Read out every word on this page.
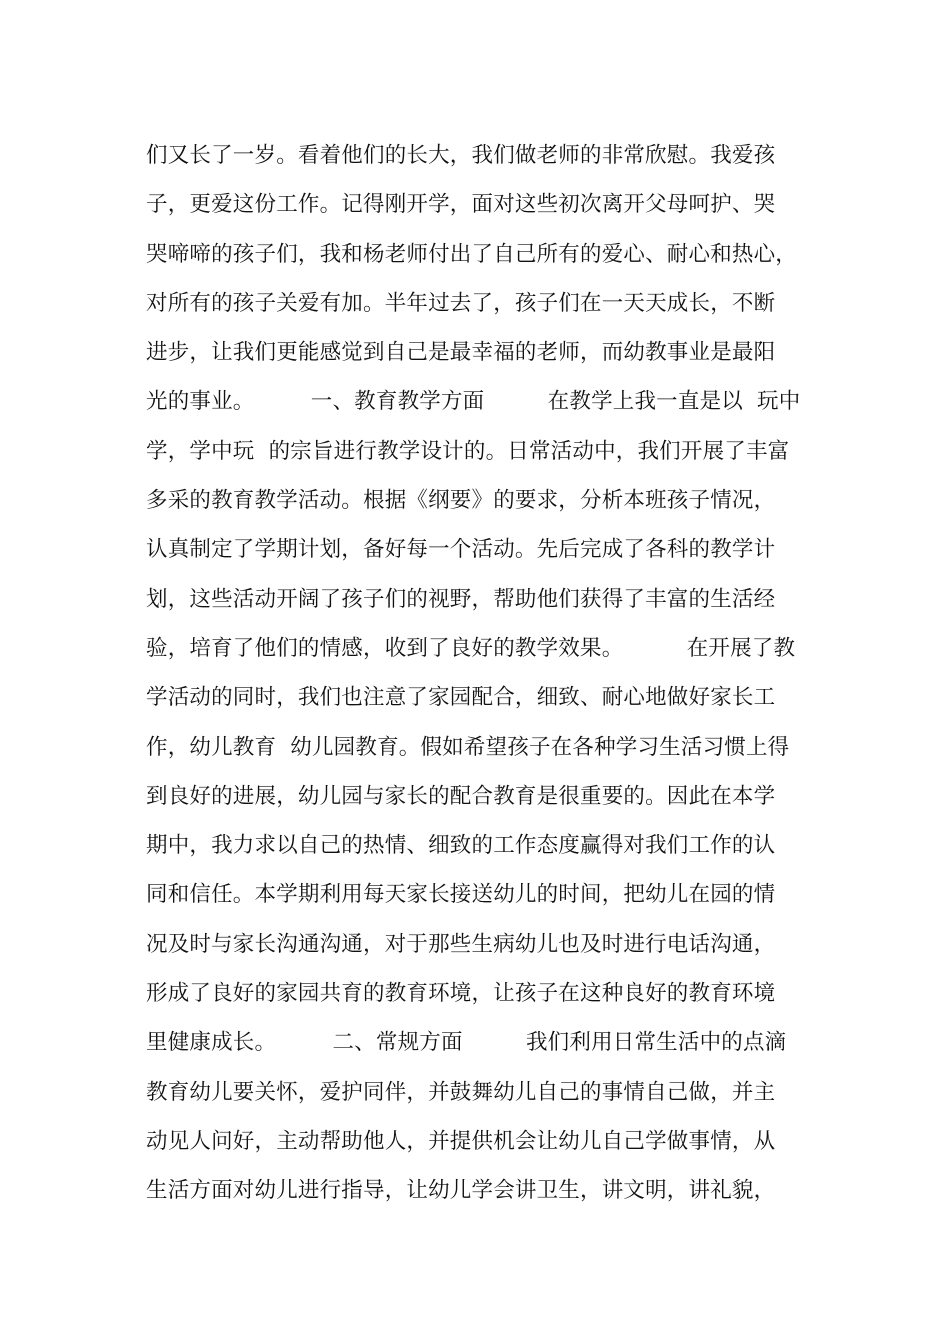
们又长了一岁。看着他们的长大，我们做老师的非常欣慰。我爱孩
子，更爱这份工作。记得刚开学，面对这些初次离开父母呵护、哭
哭啼啼的孩子们，我和杨老师付出了自己所有的爱心、耐心和热心，
对所有的孩子关爱有加。半年过去了，孩子们在一天天成长，不断
进步，让我们更能感觉到自己是最幸福的老师，而幼教事业是最阳
光的事业。        一、教育教学方面         在教学上我一直是以  玩中
学，学中玩  的宗旨进行教学设计的。日常活动中，我们开展了丰富
多采的教育教学活动。根据《纲要》的要求，分析本班孩子情况，
认真制定了学期计划，备好每一个活动。先后完成了各科的教学计
划，这些活动开阔了孩子们的视野，帮助他们获得了丰富的生活经
验，培育了他们的情感，收到了良好的教学效果。         在开展了教
学活动的同时，我们也注意了家园配合，细致、耐心地做好家长工
作，幼儿教育  幼儿园教育。假如希望孩子在各种学习生活习惯上得
到良好的进展，幼儿园与家长的配合教育是很重要的。因此在本学
期中，我力求以自己的热情、细致的工作态度赢得对我们工作的认
同和信任。本学期利用每天家长接送幼儿的时间，把幼儿在园的情
况及时与家长沟通沟通，对于那些生病幼儿也及时进行电话沟通，
形成了良好的家园共育的教育环境，让孩子在这种良好的教育环境
里健康成长。        二、常规方面         我们利用日常生活中的点滴
教育幼儿要关怀，爱护同伴，并鼓舞幼儿自己的事情自己做，并主
动见人问好，主动帮助他人，并提供机会让幼儿自己学做事情，从
生活方面对幼儿进行指导，让幼儿学会讲卫生，讲文明，讲礼貌，
